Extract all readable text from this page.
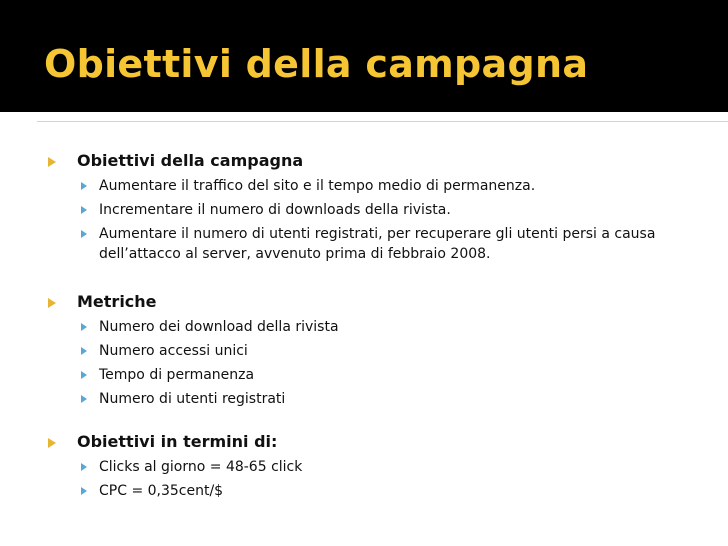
Obiettivi della campagna
Obiettivi della campagna
Aumentare il traffico del sito e il tempo medio di permanenza.
Incrementare il numero di downloads della rivista.
Aumentare il numero di utenti registrati, per recuperare gli utenti persi a causa dell’attacco al server, avvenuto prima di febbraio 2008.
Metriche
Numero dei download della rivista
Numero accessi unici
Tempo di permanenza
Numero di utenti registrati
Obiettivi in termini di:
Clicks al giorno = 48-65 click
CPC = 0,35cent/$
